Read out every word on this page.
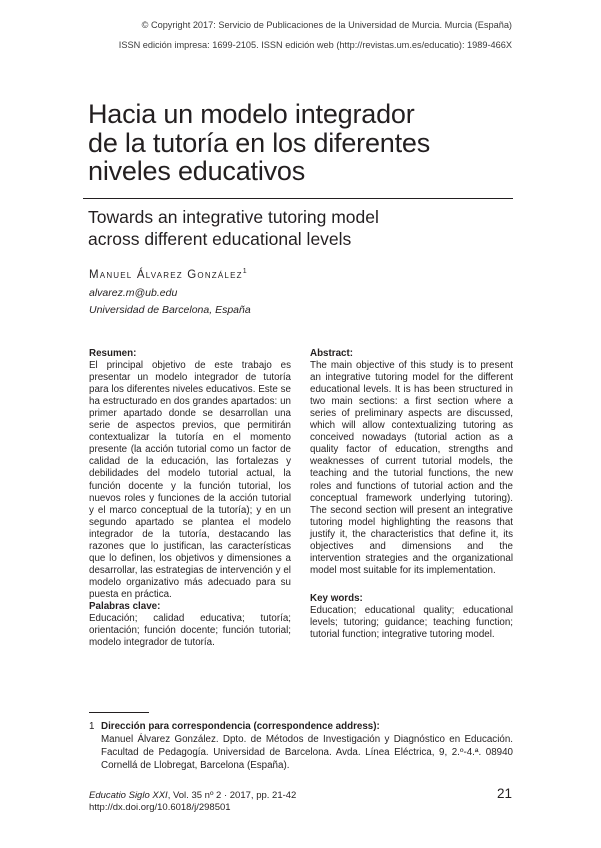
© Copyright 2017: Servicio de Publicaciones de la Universidad de Murcia. Murcia (España)
ISSN edición impresa: 1699-2105. ISSN edición web (http://revistas.um.es/educatio): 1989-466X
Hacia un modelo integrador
de la tutoría en los diferentes
niveles educativos
Towards an integrative tutoring model
across different educational levels
Manuel Álvarez González$^1$
alvarez.m@ub.edu
Universidad de Barcelona, España

Resumen:

El principal objetivo de este trabajo es presentar un modelo integrador de tutoría para los diferentes niveles educativos. Este se ha estructurado en dos grandes apartados: un primer apartado donde se desarrollan una serie de aspectos previos, que permitirán contextualizar la tutoría en el momento presente (la acción tutorial como un factor de calidad de la educación, las fortalezas y debilidades del modelo tutorial actual, la función docente y la función tutorial, los nuevos roles y funciones de la acción tutorial y el marco conceptual de la tutoría); y en un segundo apartado se plantea el modelo integrador de la tutoría, destacando las razones que lo justifican, las características que lo definen, los objetivos y dimensiones a desarrollar, las estrategias de intervención y el modelo organizativo más adecuado para su puesta en práctica.

Palabras clave:

Educación; calidad educativa; tutoría; orientación; función docente; función tutorial; modelo integrador de tutoría.

Abstract:

The main objective of this study is to present an integrative tutoring model for the different educational levels. It is has been structured in two main sections: a first section where a series of preliminary aspects are discussed, which will allow contextualizing tutoring as conceived nowadays (tutorial action as a quality factor of education, strengths and weaknesses of current tutorial models, the teaching and the tutorial functions, the new roles and functions of tutorial action and the conceptual framework underlying tutoring). The second section will present an integrative tutoring model highlighting the reasons that justify it, the characteristics that define it, its objectives and dimensions and the intervention strategies and the organizational model most suitable for its implementation.

Key words:

Education; educational quality; educational levels; tutoring; guidance; teaching function; tutorial function; integrative tutoring model.

1 Dirección para correspondencia (correspondence address):

Manuel Álvarez González. Dpto. de Métodos de Investigación y Diagnóstico en Educación. Facultad de Pedagogía. Universidad de Barcelona. Avda. Línea Eléctrica, 9, 2.º-4.ª. 08940 Cornellá de Llobregat, Barcelona (España).

Educatio Siglo XXI, Vol. 35 nº 2 · 2017, pp. 21-42
http://dx.doi.org/10.6018/j/298501
21
